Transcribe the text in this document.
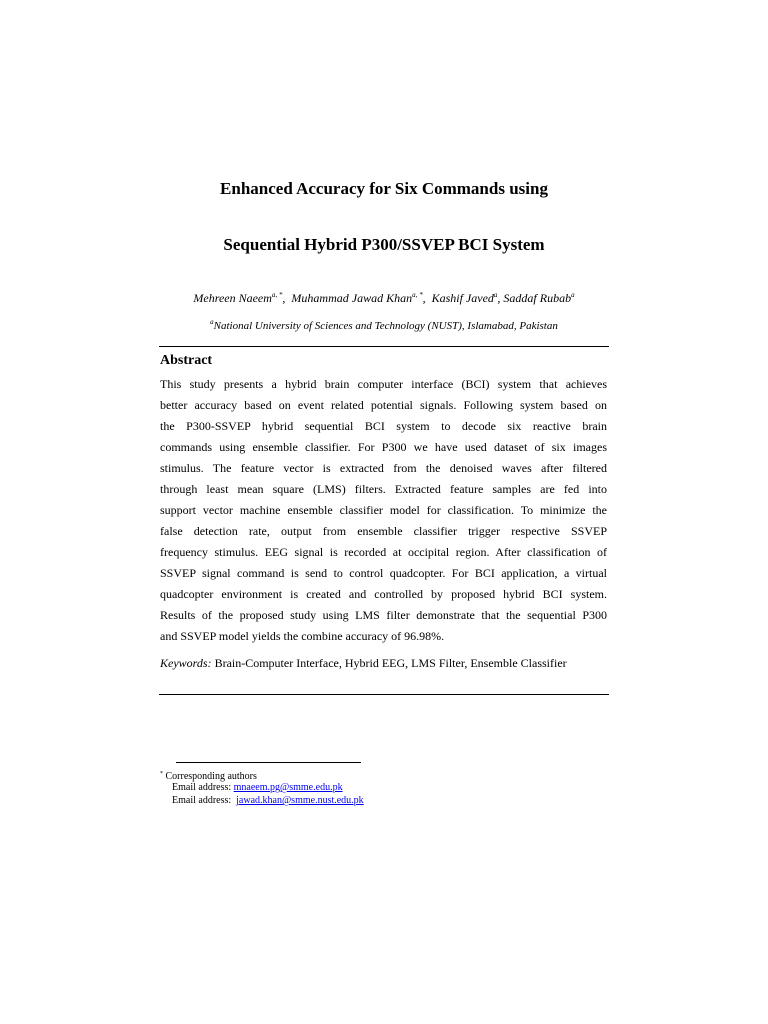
Enhanced Accuracy for Six Commands using
Sequential Hybrid P300/SSVEP BCI System
Mehreen Naeem$^{a, *}$,  Muhammad Jawad Khan$^{a, *}$,  Kashif Javed$^a$, Saddaf Rubab$^a$
$^a$National University of Sciences and Technology (NUST), Islamabad, Pakistan
Abstract
This study presents a hybrid brain computer interface (BCI) system that achieves
better accuracy based on event related potential signals. Following system based on
the P300-SSVEP hybrid sequential BCI system to decode six reactive brain
commands using ensemble classifier. For P300 we have used dataset of six images
stimulus. The feature vector is extracted from the denoised waves after filtered
through least mean square (LMS) filters. Extracted feature samples are fed into
support vector machine ensemble classifier model for classification. To minimize the
false detection rate, output from ensemble classifier trigger respective SSVEP
frequency stimulus. EEG signal is recorded at occipital region. After classification of
SSVEP signal command is send to control quadcopter. For BCI application, a virtual
quadcopter environment is created and controlled by proposed hybrid BCI system.
Results of the proposed study using LMS filter demonstrate that the sequential P300
and SSVEP model yields the combine accuracy of 96.98%.
Keywords: Brain-Computer Interface, Hybrid EEG, LMS Filter, Ensemble Classifier
* Corresponding authors
Email address: mnaeem.pg@smme.edu.pk
Email address:  jawad.khan@smme.nust.edu.pk
